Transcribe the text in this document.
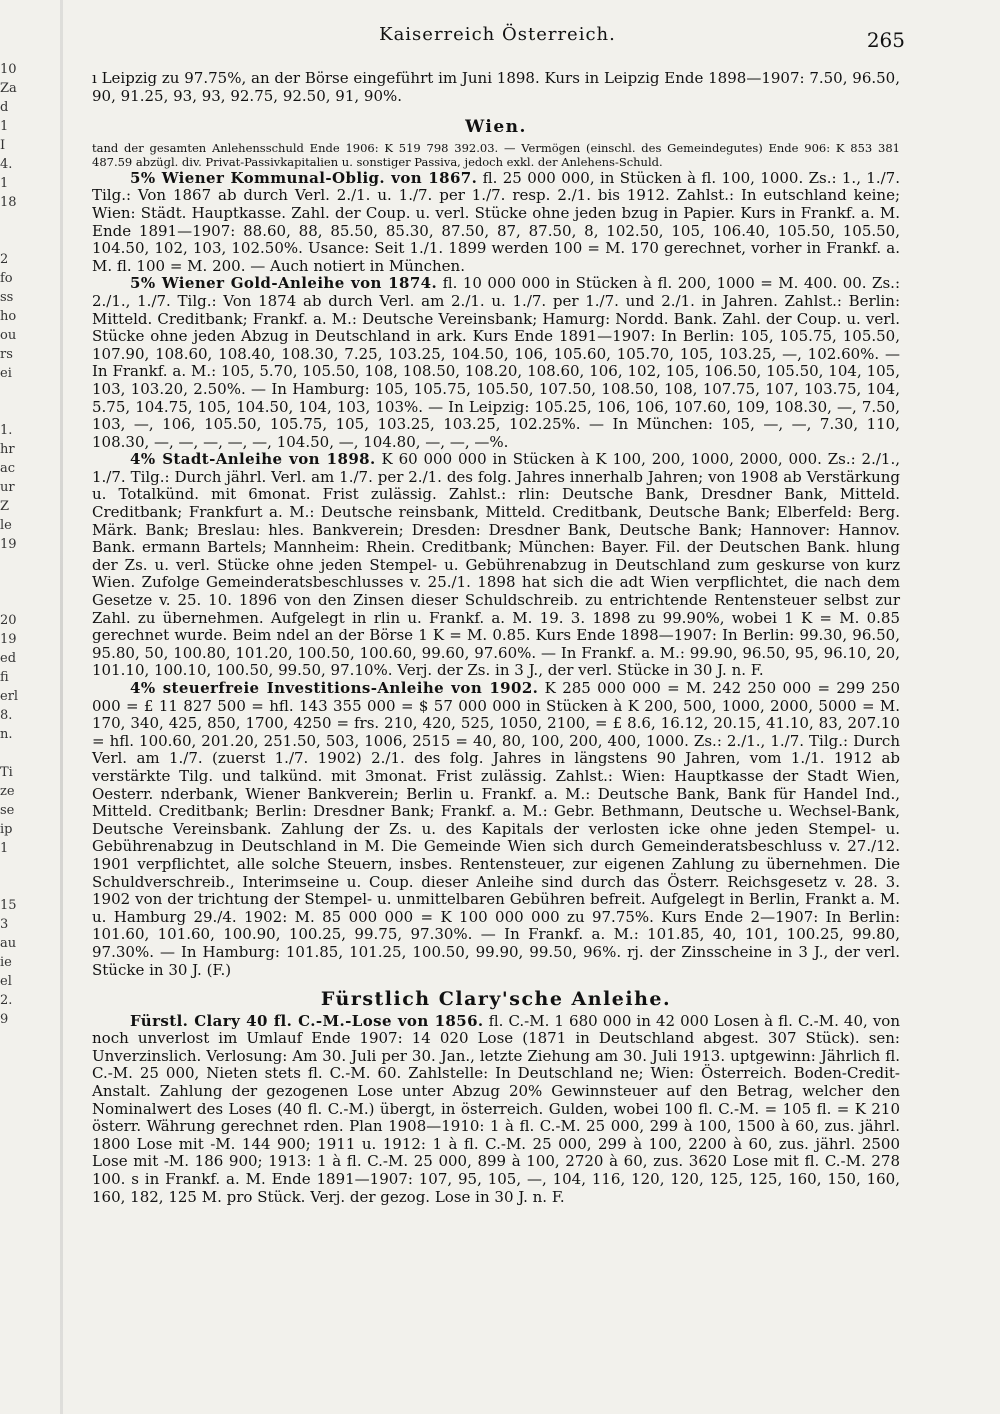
10
Za
d
1
I
4.
1
18

2
fo
ss
ho
ou
rs
ei

1.
hr
ac
ur
Z
le
19

20
19
ed
fi
erl
8.
n.

Ti
ze
se
ip
1

15
3
au
ie
el
2.
9

Kaiserreich Österreich.	265

ı Leipzig zu 97.75%, an der Börse eingeführt im Juni 1898. Kurs in Leipzig Ende 1898—1907: 7.50, 96.50, 90, 91.25, 93, 93, 92.75, 92.50, 91, 90%.

Wien.

tand der gesamten Anlehensschuld Ende 1906: K 519 798 392.03. — Vermögen (einschl. des Gemeindegutes) Ende 906: K 853 381 487.59 abzügl. div. Privat-Passivkapitalien u. sonstiger Passiva, jedoch exkl. der Anlehens-Schuld.

5% Wiener Kommunal-Oblig. von 1867. fl. 25 000 000, in Stücken à fl. 100, 1000. Zs.: 1., 1./7. Tilg.: Von 1867 ab durch Verl. 2./1. u. 1./7. per 1./7. resp. 2./1. bis 1912. Zahlst.: In eutschland keine; Wien: Städt. Hauptkasse. Zahl. der Coup. u. verl. Stücke ohne jeden bzug in Papier. Kurs in Frankf. a. M. Ende 1891—1907: 88.60, 88, 85.50, 85.30, 87.50, 87, 87.50, 8, 102.50, 105, 106.40, 105.50, 105.50, 104.50, 102, 103, 102.50%. Usance: Seit 1./1. 1899 werden 100 = M. 170 gerechnet, vorher in Frankf. a. M. fl. 100 = M. 200. — Auch notiert in München.

5% Wiener Gold-Anleihe von 1874. fl. 10 000 000 in Stücken à fl. 200, 1000 = M. 400. 00. Zs.: 2./1., 1./7. Tilg.: Von 1874 ab durch Verl. am 2./1. u. 1./7. per 1./7. und 2./1. in Jahren. Zahlst.: Berlin: Mitteld. Creditbank; Frankf. a. M.: Deutsche Vereinsbank; Hamurg: Nordd. Bank. Zahl. der Coup. u. verl. Stücke ohne jeden Abzug in Deutschland in ark. Kurs Ende 1891—1907: In Berlin: 105, 105.75, 105.50, 107.90, 108.60, 108.40, 108.30, 7.25, 103.25, 104.50, 106, 105.60, 105.70, 105, 103.25, —, 102.60%. — In Frankf. a. M.: 105, 5.70, 105.50, 108, 108.50, 108.20, 108.60, 106, 102, 105, 106.50, 105.50, 104, 105, 103, 103.20, 2.50%. — In Hamburg: 105, 105.75, 105.50, 107.50, 108.50, 108, 107.75, 107, 103.75, 104, 5.75, 104.75, 105, 104.50, 104, 103, 103%. — In Leipzig: 105.25, 106, 106, 107.60, 109, 108.30, —, 7.50, 103, —, 106, 105.50, 105.75, 105, 103.25, 103.25, 102.25%. — In München: 105, —, —, 7.30, 110, 108.30, —, —, —, —, —, 104.50, —, 104.80, —, —, —%.

4% Stadt-Anleihe von 1898. K 60 000 000 in Stücken à K 100, 200, 1000, 2000, 000. Zs.: 2./1., 1./7. Tilg.: Durch jährl. Verl. am 1./7. per 2./1. des folg. Jahres innerhalb Jahren; von 1908 ab Verstärkung u. Totalkünd. mit 6monat. Frist zulässig. Zahlst.: rlin: Deutsche Bank, Dresdner Bank, Mitteld. Creditbank; Frankfurt a. M.: Deutsche reinsbank, Mitteld. Creditbank, Deutsche Bank; Elberfeld: Berg. Märk. Bank; Breslau: hles. Bankverein; Dresden: Dresdner Bank, Deutsche Bank; Hannover: Hannov. Bank. ermann Bartels; Mannheim: Rhein. Creditbank; München: Bayer. Fil. der Deutschen Bank. hlung der Zs. u. verl. Stücke ohne jeden Stempel- u. Gebührenabzug in Deutschland zum geskurse von kurz Wien. Zufolge Gemeinderatsbeschlusses v. 25./1. 1898 hat sich die adt Wien verpflichtet, die nach dem Gesetze v. 25. 10. 1896 von den Zinsen dieser Schuldschreib. zu entrichtende Rentensteuer selbst zur Zahl. zu übernehmen. Aufgelegt in rlin u. Frankf. a. M. 19. 3. 1898 zu 99.90%, wobei 1 K = M. 0.85 gerechnet wurde. Beim ndel an der Börse 1 K = M. 0.85. Kurs Ende 1898—1907: In Berlin: 99.30, 96.50, 95.80, 50, 100.80, 101.20, 100.50, 100.60, 99.60, 97.60%. — In Frankf. a. M.: 99.90, 96.50, 95, 96.10, 20, 101.10, 100.10, 100.50, 99.50, 97.10%. Verj. der Zs. in 3 J., der verl. Stücke in 30 J. n. F.

4% steuerfreie Investitions-Anleihe von 1902. K 285 000 000 = M. 242 250 000 = 299 250 000 = £ 11 827 500 = hfl. 143 355 000 = $ 57 000 000 in Stücken à K 200, 500, 1000, 2000, 5000 = M. 170, 340, 425, 850, 1700, 4250 = frs. 210, 420, 525, 1050, 2100, = £ 8.6, 16.12, 20.15, 41.10, 83, 207.10 = hfl. 100.60, 201.20, 251.50, 503, 1006, 2515 = 40, 80, 100, 200, 400, 1000. Zs.: 2./1., 1./7. Tilg.: Durch Verl. am 1./7. (zuerst 1./7. 1902) 2./1. des folg. Jahres in längstens 90 Jahren, vom 1./1. 1912 ab verstärkte Tilg. und talkünd. mit 3monat. Frist zulässig. Zahlst.: Wien: Hauptkasse der Stadt Wien, Oesterr. nderbank, Wiener Bankverein; Berlin u. Frankf. a. M.: Deutsche Bank, Bank für Handel Ind., Mitteld. Creditbank; Berlin: Dresdner Bank; Frankf. a. M.: Gebr. Bethmann, Deutsche u. Wechsel-Bank, Deutsche Vereinsbank. Zahlung der Zs. u. des Kapitals der verlosten icke ohne jeden Stempel- u. Gebührenabzug in Deutschland in M. Die Gemeinde Wien sich durch Gemeinderatsbeschluss v. 27./12. 1901 verpflichtet, alle solche Steuern, insbes. Rentensteuer, zur eigenen Zahlung zu übernehmen. Die Schuldverschreib., Interimseine u. Coup. dieser Anleihe sind durch das Österr. Reichsgesetz v. 28. 3. 1902 von der trichtung der Stempel- u. unmittelbaren Gebühren befreit. Aufgelegt in Berlin, Frankt a. M. u. Hamburg 29./4. 1902: M. 85 000 000 = K 100 000 000 zu 97.75%. Kurs Ende 2—1907: In Berlin: 101.60, 101.60, 100.90, 100.25, 99.75, 97.30%. — In Frankf. a. M.: 101.85, 40, 101, 100.25, 99.80, 97.30%. — In Hamburg: 101.85, 101.25, 100.50, 99.90, 99.50, 96%. rj. der Zinsscheine in 3 J., der verl. Stücke in 30 J. (F.)

Fürstlich Clary'sche Anleihe.

Fürstl. Clary 40 fl. C.-M.-Lose von 1856. fl. C.-M. 1 680 000 in 42 000 Losen à fl. C.-M. 40, von noch unverlost im Umlauf Ende 1907: 14 020 Lose (1871 in Deutschland abgest. 307 Stück). sen: Unverzinslich. Verlosung: Am 30. Juli per 30. Jan., letzte Ziehung am 30. Juli 1913. uptgewinn: Jährlich fl. C.-M. 25 000, Nieten stets fl. C.-M. 60. Zahlstelle: In Deutschland ne; Wien: Österreich. Boden-Credit-Anstalt. Zahlung der gezogenen Lose unter Abzug 20% Gewinnsteuer auf den Betrag, welcher den Nominalwert des Loses (40 fl. C.-M.) übergt, in österreich. Gulden, wobei 100 fl. C.-M. = 105 fl. = K 210 österr. Währung gerechnet rden. Plan 1908—1910: 1 à fl. C.-M. 25 000, 299 à 100, 1500 à 60, zus. jährl. 1800 Lose mit -M. 144 900; 1911 u. 1912: 1 à fl. C.-M. 25 000, 299 à 100, 2200 à 60, zus. jährl. 2500 Lose mit -M. 186 900; 1913: 1 à fl. C.-M. 25 000, 899 à 100, 2720 à 60, zus. 3620 Lose mit fl. C.-M. 278 100. s in Frankf. a. M. Ende 1891—1907: 107, 95, 105, —, 104, 116, 120, 120, 125, 125, 160, 150, 160, 160, 182, 125 M. pro Stück. Verj. der gezog. Lose in 30 J. n. F.
